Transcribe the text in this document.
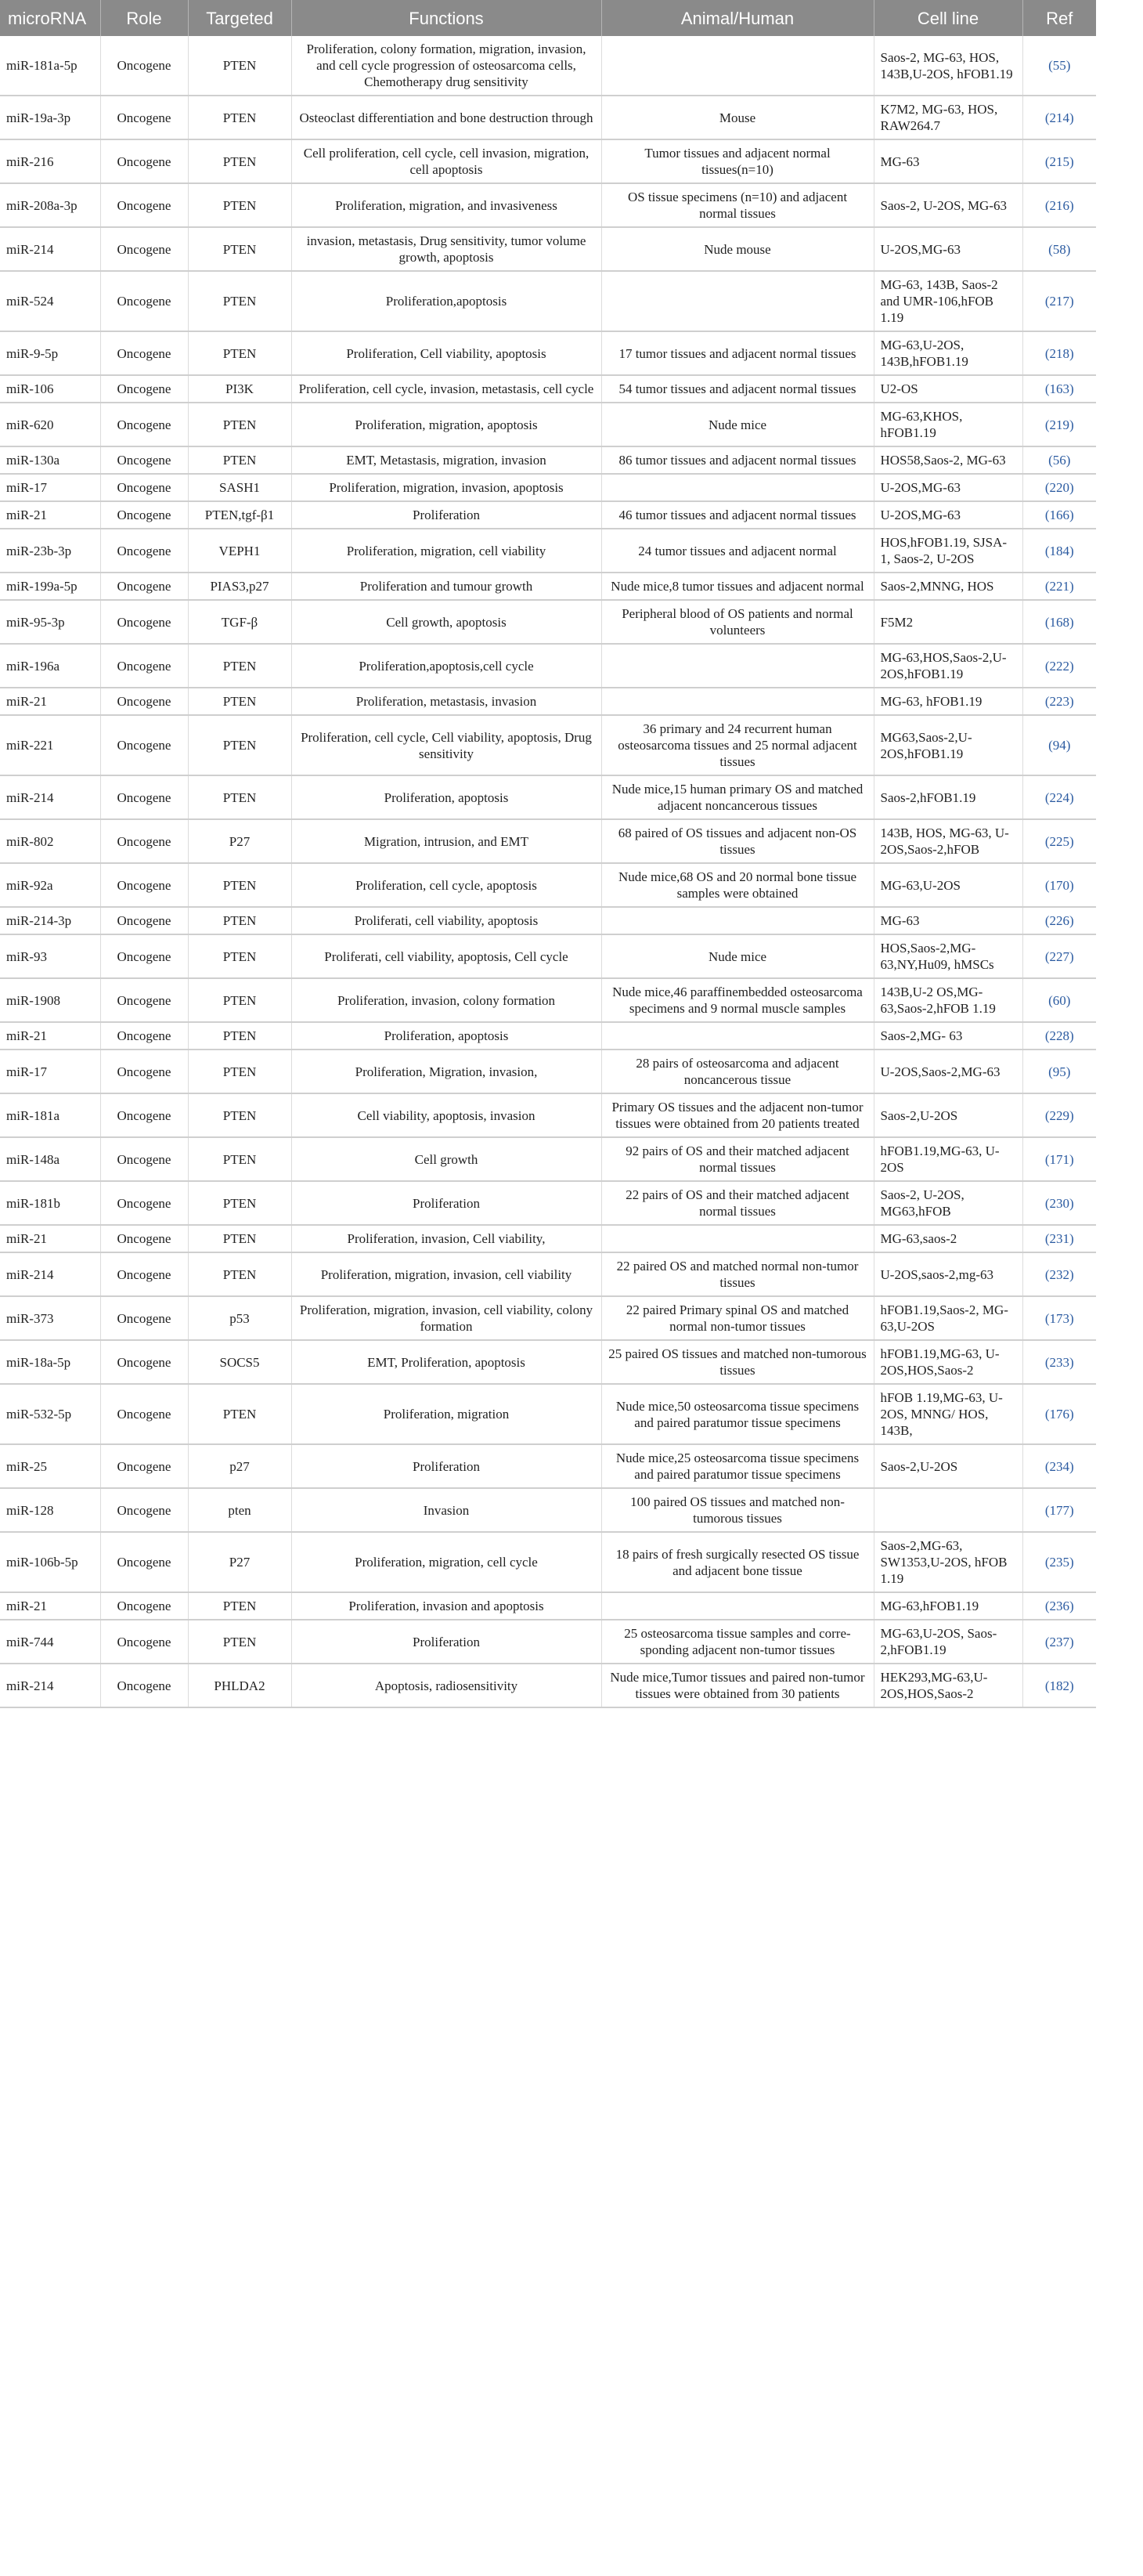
microRNA	Role	Targeted	Functions	Animal/Human	Cell line	Ref
miR-181a-5p	Oncogene	PTEN	Proliferation, colony formation, migration, invasion, and cell cycle progression of osteosarcoma cells, Chemotherapy drug sensitivity		Saos-2, MG-63, HOS, 143B,U-2OS, hFOB1.19	(55)
miR-19a-3p	Oncogene	PTEN	Osteoclast differentiation and bone destruction through	Mouse	K7M2, MG-63, HOS, RAW264.7	(214)
miR-216	Oncogene	PTEN	Cell proliferation, cell cycle, cell invasion, migration, cell apoptosis	Tumor tissues and adjacent normal tissues(n=10)	MG-63	(215)
miR-208a-3p	Oncogene	PTEN	Proliferation, migration, and invasiveness	OS tissue specimens (n=10) and adjacent normal tissues	Saos-2, U-2OS, MG-63	(216)
miR-214	Oncogene	PTEN	invasion, metastasis, Drug sensitivity, tumor volume growth, apoptosis	Nude mouse	U-2OS,MG-63	(58)
miR-524	Oncogene	PTEN	Proliferation,apoptosis		MG-63, 143B, Saos-2 and UMR-106,hFOB 1.19	(217)
miR-9-5p	Oncogene	PTEN	Proliferation, Cell viability, apoptosis	17 tumor tissues and adjacent normal tissues	MG-63,U-2OS, 143B,hFOB1.19	(218)
miR-106	Oncogene	PI3K	Proliferation, cell cycle, invasion, metastasis, cell cycle	54 tumor tissues and adjacent normal tissues	U2-OS	(163)
miR-620	Oncogene	PTEN	Proliferation, migration, apoptosis	Nude mice	MG-63,KHOS, hFOB1.19	(219)
miR-130a	Oncogene	PTEN	EMT, Metastasis, migration, invasion	86 tumor tissues and adjacent normal tissues	HOS58,Saos-2, MG-63	(56)
miR-17	Oncogene	SASH1	Proliferation, migration, invasion, apoptosis		U-2OS,MG-63	(220)
miR-21	Oncogene	PTEN,tgf-β1	Proliferation	46 tumor tissues and adjacent normal tissues	U-2OS,MG-63	(166)
miR-23b-3p	Oncogene	VEPH1	Proliferation, migration, cell viability	24 tumor tissues and adjacent normal	HOS,hFOB1.19, SJSA-1, Saos-2, U-2OS	(184)
miR-199a-5p	Oncogene	PIAS3,p27	Proliferation and tumour growth	Nude mice,8 tumor tissues and adjacent normal	Saos-2,MNNG, HOS	(221)
miR-95-3p	Oncogene	TGF-β	Cell growth, apoptosis	Peripheral blood of OS patients and normal volunteers	F5M2	(168)
miR-196a	Oncogene	PTEN	Proliferation,apoptosis,cell cycle		MG-63,HOS,Saos-2,U-2OS,hFOB1.19	(222)
miR-21	Oncogene	PTEN	Proliferation, metastasis, invasion		MG-63, hFOB1.19	(223)
miR-221	Oncogene	PTEN	Proliferation, cell cycle, Cell viability, apoptosis, Drug sensitivity	36 primary and 24 recurrent human osteosarcoma tissues and 25 normal adjacent tissues	MG63,Saos-2,U-2OS,hFOB1.19	(94)
miR-214	Oncogene	PTEN	Proliferation, apoptosis	Nude mice,15 human primary OS and matched adjacent noncancerous tissues	Saos-2,hFOB1.19	(224)
miR-802	Oncogene	P27	Migration, intrusion, and EMT	68 paired of OS tissues and adjacent non-OS tissues	143B, HOS, MG-63, U-2OS,Saos-2,hFOB	(225)
miR-92a	Oncogene	PTEN	Proliferation, cell cycle, apoptosis	Nude mice,68 OS and 20 normal bone tissue samples were obtained	MG-63,U-2OS	(170)
miR-214-3p	Oncogene	PTEN	Proliferati, cell viability, apoptosis		MG-63	(226)
miR-93	Oncogene	PTEN	Proliferati, cell viability, apoptosis, Cell cycle	Nude mice	HOS,Saos-2,MG-63,NY,Hu09, hMSCs	(227)
miR-1908	Oncogene	PTEN	Proliferation, invasion, colony formation	Nude mice,46 paraffinembedded osteosarcoma specimens and 9 normal muscle samples	143B,U-2 OS,MG-63,Saos-2,hFOB 1.19	(60)
miR-21	Oncogene	PTEN	Proliferation, apoptosis		Saos-2,MG- 63	(228)
miR-17	Oncogene	PTEN	Proliferation, Migration, invasion,	28 pairs of osteosarcoma and adjacent noncancerous tissue	U-2OS,Saos-2,MG-63	(95)
miR-181a	Oncogene	PTEN	Cell viability, apoptosis, invasion	Primary OS tissues and the adjacent non-tumor tissues were obtained from 20 patients treated	Saos-2,U-2OS	(229)
miR-148a	Oncogene	PTEN	Cell growth	92 pairs of OS and their matched adjacent normal tissues	hFOB1.19,MG-63, U-2OS	(171)
miR-181b	Oncogene	PTEN	Proliferation	22 pairs of OS and their matched adjacent normal tissues	Saos-2, U-2OS, MG63,hFOB	(230)
miR-21	Oncogene	PTEN	Proliferation, invasion, Cell viability,		MG-63,saos-2	(231)
miR-214	Oncogene	PTEN	Proliferation, migration, invasion, cell viability	22 paired OS and matched normal non-tumor tissues	U-2OS,saos-2,mg-63	(232)
miR-373	Oncogene	p53	Proliferation, migration, invasion, cell viability, colony formation	22 paired Primary spinal OS and matched normal non-tumor tissues	hFOB1.19,Saos-2, MG-63,U-2OS	(173)
miR-18a-5p	Oncogene	SOCS5	EMT, Proliferation, apoptosis	25 paired OS tissues and matched non-tumorous tissues	hFOB1.19,MG-63, U-2OS,HOS,Saos-2	(233)
miR-532-5p	Oncogene	PTEN	Proliferation, migration	Nude mice,50 osteosarcoma tissue specimens and paired paratumor tissue specimens	hFOB 1.19,MG-63, U-2OS, MNNG/ HOS, 143B,	(176)
miR-25	Oncogene	p27	Proliferation	Nude mice,25 osteosarcoma tissue specimens and paired paratumor tissue specimens	Saos-2,U-2OS	(234)
miR-128	Oncogene	pten	Invasion	100 paired OS tissues and matched non-tumorous tissues		(177)
miR-106b-5p	Oncogene	P27	Proliferation, migration, cell cycle	18 pairs of fresh surgically resected OS tissue and adjacent bone tissue	Saos-2,MG-63, SW1353,U-2OS, hFOB 1.19	(235)
miR-21	Oncogene	PTEN	Proliferation, invasion and apoptosis		MG-63,hFOB1.19	(236)
miR-744	Oncogene	PTEN	Proliferation	25 osteosarcoma tissue samples and corre-sponding adjacent non-tumor tissues	MG-63,U-2OS, Saos-2,hFOB1.19	(237)
miR-214	Oncogene	PHLDA2	Apoptosis, radiosensitivity	Nude mice,Tumor tissues and paired non-tumor tissues were obtained from 30 patients	HEK293,MG-63,U-2OS,HOS,Saos-2	(182)
